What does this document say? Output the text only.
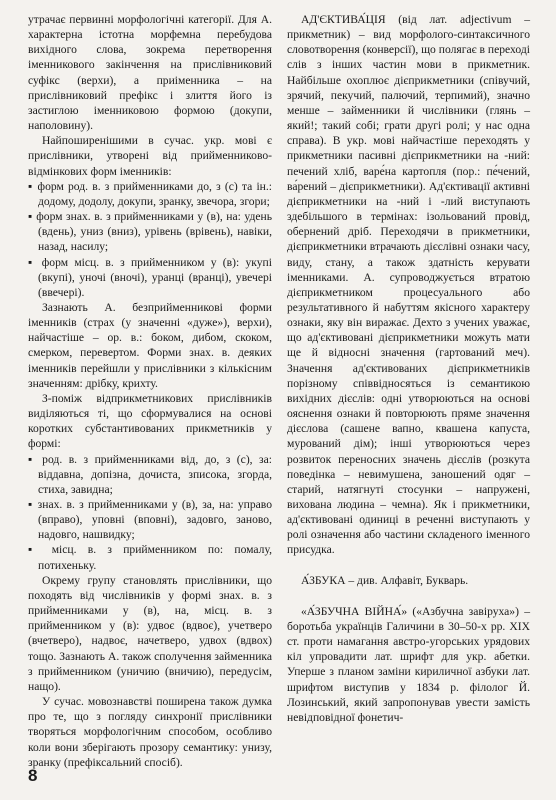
утрачає первинні морфологічні категорії. Для А. характерна істотна морфемна перебудова вихідного слова, зокрема перетворення іменникового закінчення на прислівниковий суфікс (верхи), а приіменника – на прислівниковий префікс і злиття його із застиглою іменниковою формою (докупи, наполовину).

Найпоширенішими в сучас. укр. мові є прислівники, утворені від прийменниково-відмінкових форм іменників:

▪ форм род. в. з прийменниками до, з (с) та ін.: додому, додолу, докупи, зранку, звечора, згори;

▪ форм знах. в. з прийменниками у (в), на: удень (вдень), униз (вниз), урівень (врівень), навіки, назад, насилу;

▪ форм місц. в. з прийменником у (в): укупі (вкупі), уночі (вночі), уранці (вранці), увечері (ввечері).

Зазнають А. безприйменникові форми іменників (страх (у значенні «дуже»), верхи), найчастіше – ор. в.: боком, дибом, скоком, смерком, перевертом. Форми знах. в. деяких іменників перейшли у прислівники з кількісним значенням: дрібку, крихту.

З-поміж відприкметникових прислівників виділяються ті, що сформувалися на основі коротких субстантивованих прикметників у формі:

▪ род. в. з прийменниками від, до, з (с), за: віддавна, допізна, дочиста, зписока, згорда, стиха, завидна;

▪ знах. в. з прийменниками у (в), за, на: управо (вправо), уповні (вповні), задовго, заново, надовго, нашвидку;

▪ місц. в. з прийменником по: помалу, потихеньку.

Окрему групу становлять прислівники, що походять від числівників у формі знах. в. з прийменниками у (в), на, місц. в. з прийменником у (в): удвоє (вдвоє), учетверо (вчетверо), надвоє, начетверо, удвох (вдвох) тощо. Зазнають А. також сполучення займенника з прийменником (уничию (вничию), передусім, нащо).

У сучас. мовознавстві поширена також думка про те, що з погляду синхронії прислівники творяться морфологічним способом, особливо коли вони зберігають прозору семантику: унизу, зранку (префіксальний спосіб).

АД'ЄКТИВА́ЦІЯ (від лат. adjectivum – прикметник) – вид морфолого-синтаксичного словотворення (конверсії), що полягає в переході слів з інших частин мови в прикметник. Найбільше охоплює дієприкметники (співучий, зрячий, пекучий, палючий, терпимий), значно менше – займенники й числівники (глянь – який!; такий собі; грати другі ролі; у нас одна справа). В укр. мові найчастіше переходять у прикметники пасивні дієприкметники на -ний: печений хліб, варе́на картопля (пор.: пе́чений, ва́рений – дієприкметники). Ад'єктивації активні дієприкметники на -ний і -лий виступають здебільшого в термінах: ізольований провід, обернений дріб. Переходячи в прикметники, дієприкметники втрачають дієслівні ознаки часу, виду, стану, а також здатність керувати іменниками. А. супроводжується втратою дієприкметником процесуального або результативного й набуттям якісного характеру ознаки, яку він виражає. Дехто з учених уважає, що ад'єктивовані дієприкметники можуть мати ще й відносні значення (гартований меч). Значення ад'єктивованих дієприкметників порізному співвідносяться із семантикою вихідних дієслів: одні утворюються на основі ояснення ознаки й повторюють пряме значення дієслова (сашене вапно, квашена капуста, мурований дім); інші утворюються через розвиток переносних значень дієслів (розкута поведінка – невимушена, заношений одяг – старий, натягнуті стосунки – напружені, вихована людина – чемна). Як і прикметники, ад'єктивовані одиниці в реченні виступають у ролі означення або частини складеного іменного присудка.

А́ЗБУКА – див. Алфавіт, Букварь.

«А́ЗБУЧНА ВІЙНА́» («Азбучна завіруха») – боротьба українців Галичини в 30–50-х рр. XIX ст. проти намагання австро-угорських урядових кіл упровадити лат. шрифт для укр. абетки. Уперше з планом заміни кириличної азбуки лат. шрифтом виступив у 1834 р. філолог Й. Лозинський, який запропонував увести замість невідповідної фонетич-

8
